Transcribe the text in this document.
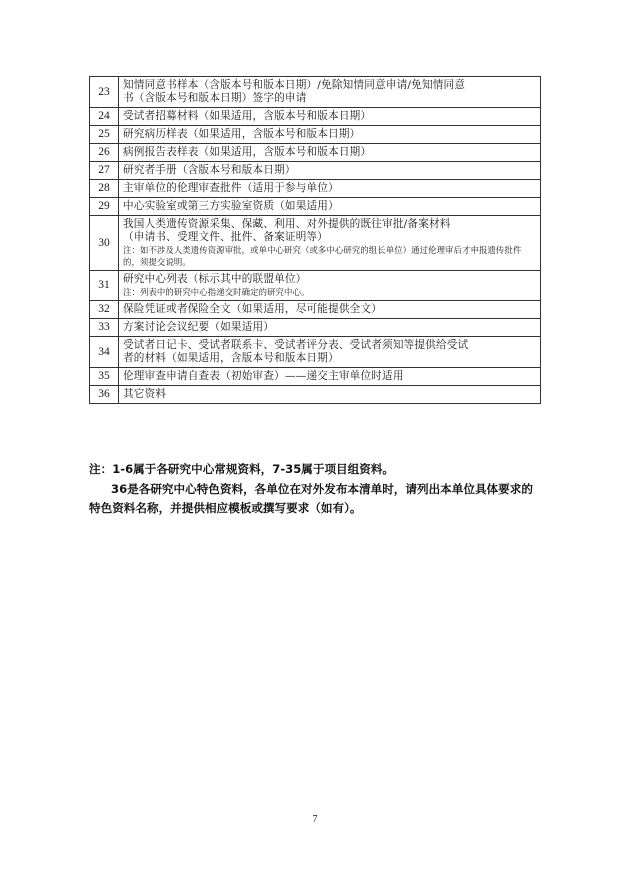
23	知情同意书样本（含版本号和版本日期）/免除知情同意申请/免知情同意
书（含版本号和版本日期）签字的申请

24	受试者招募材料（如果适用，含版本号和版本日期）

25	研究病历样表（如果适用，含版本号和版本日期）

26	病例报告表样表（如果适用，含版本号和版本日期）

27	研究者手册（含版本号和版本日期）

28	主审单位的伦理审查批件（适用于参与单位）

29	中心实验室或第三方实验室资质（如果适用）

30	我国人类遗传资源采集、保藏、利用、对外提供的既往审批/备案材料
（申请书、受理文件、批件、备案证明等）
注：如不涉及人类遗传资源审批，或单中心研究（或多中心研究的组长单位）通过伦理审后才申报遗传批件的，须提交说明。

31	研究中心列表（标示其中的联盟单位）
注：列表中的研究中心指递交时确定的研究中心。

32	保险凭证或者保险全文（如果适用，尽可能提供全文）

33	方案讨论会议纪要（如果适用）

34	受试者日记卡、受试者联系卡、受试者评分表、受试者须知等提供给受试
者的材料（如果适用，含版本号和版本日期）

35	伦理审查申请自查表（初始审查）——递交主审单位时适用

36	其它资料
注：1-6属于各研究中心常规资料，7-35属于项目组资料。
36是各研究中心特色资料，各单位在对外发布本清单时，请列出本单位具体要求的特色资料名称，并提供相应模板或撰写要求（如有）。
7
